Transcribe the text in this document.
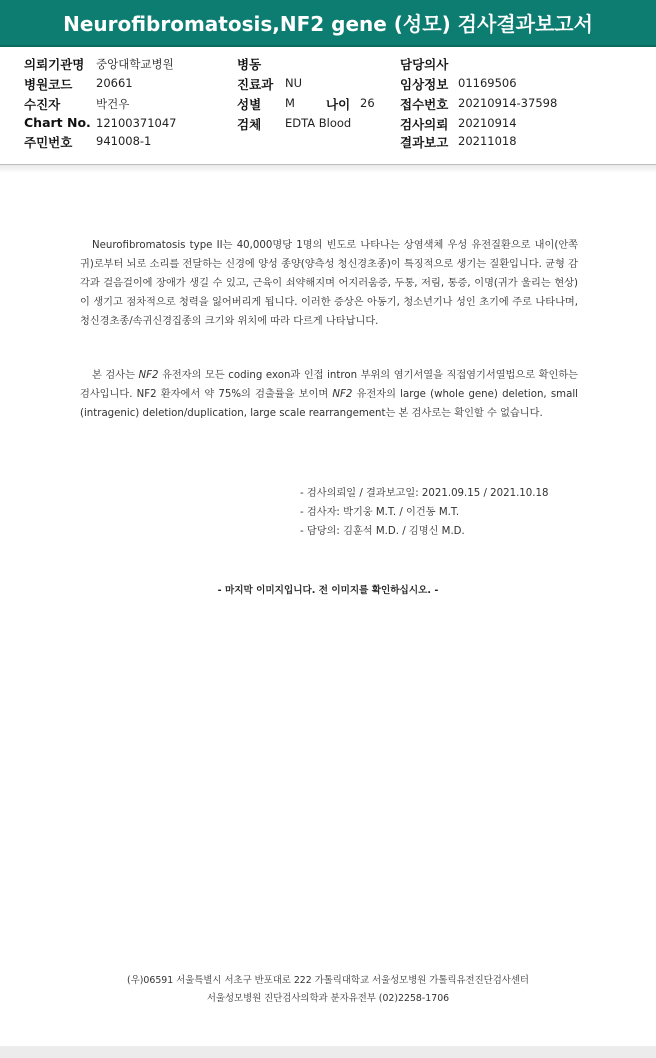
Neurofibromatosis,NF2 gene (성모) 검사결과보고서
의뢰기관명 중앙대학교병원
병원코드 20661
수진자	박건우
Chart No. 12100371047
주민번호 941008-1
병동
진료과 NU
성별 M 나이 26
검체 EDTA Blood
담당의사
임상정보 01169506
접수번호 20210914-37598
검사의뢰 20210914
결과보고 20211018

Neurofibromatosis type II는 40,000명당 1명의 빈도로 나타나는 상염색체 우성 유전질환으로 내이(안쪽 귀)로부터 뇌로 소리를 전달하는 신경에 양성 종양(양측성 청신경초종)이 특징적으로 생기는 질환입니다. 균형 감각과 걸음걸이에 장애가 생길 수 있고, 근육이 쇠약해지며 어지러움증, 두통, 저림, 통증, 이명(귀가 울리는 현상)이 생기고 점차적으로 청력을 잃어버리게 됩니다. 이러한 증상은 아동기, 청소년기나 성인 초기에 주로 나타나며, 청신경초종/속귀신경집종의 크기와 위치에 따라 다르게 나타납니다.

본 검사는 NF2 유전자의 모든 coding exon과 인접 intron 부위의 염기서열을 직접염기서열법으로 확인하는 검사입니다. NF2 환자에서 약 75%의 검출률을 보이며 NF2 유전자의 large (whole gene) deletion, small (intragenic) deletion/duplication, large scale rearrangement는 본 검사로는 확인할 수 없습니다.

- 검사의뢰일 / 결과보고일: 2021.09.15 / 2021.10.18
- 검사자: 박기웅 M.T. / 이건동 M.T.
- 담당의: 김훈석 M.D. / 김명신 M.D.
- 마지막 이미지입니다. 전 이미지를 확인하십시오. -
(우)06591 서울특별시 서초구 반포대로 222 가톨릭대학교 서울성모병원 가톨릭유전진단검사센터
서울성모병원 진단검사의학과 분자유전부 (02)2258-1706
